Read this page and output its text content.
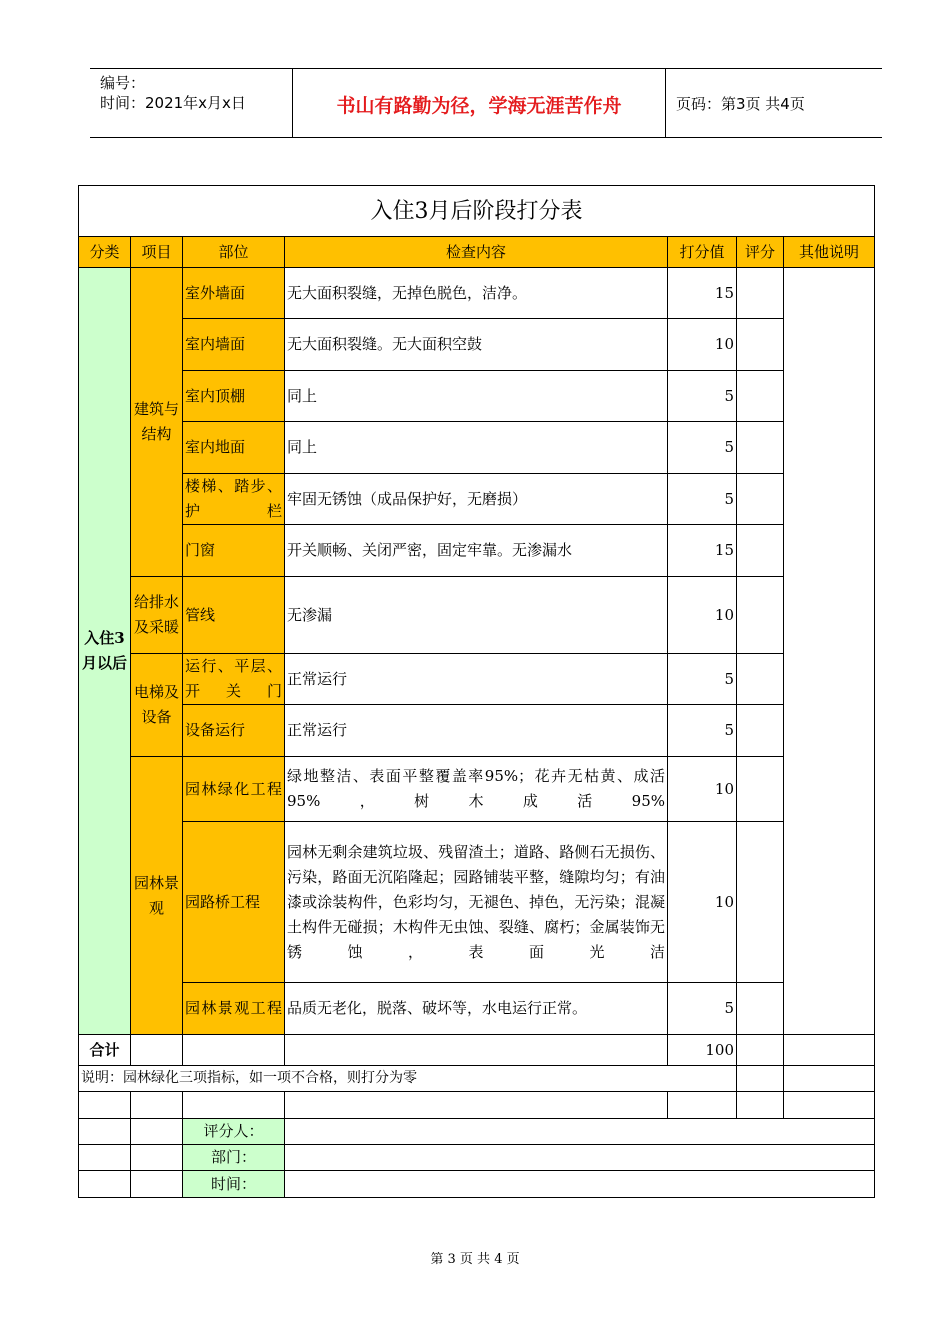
编号：
时间：2021年x月x日	书山有路勤为径，学海无涯苦作舟	页码：第3页 共4页
入住3月后阶段打分表						
分类	项目	部位	检查内容	打分值	评分	其他说明
入住3月以后	建筑与结构	室外墙面	无大面积裂缝，无掉色脱色，洁净。	15		
		室内墙面	无大面积裂缝。无大面积空鼓	10		
		室内顶棚	同上	5		
		室内地面	同上	5		
		楼梯、踏步、护栏	牢固无锈蚀（成品保护好，无磨损）	5		
		门窗	开关顺畅、关闭严密，固定牢靠。无渗漏水	15		
	给排水及采暖	管线	无渗漏	10		
	电梯及设备	运行、平层、开关门	正常运行	5		
		设备运行	正常运行	5		
	园林景观	园林绿化工程	绿地整洁、表面平整覆盖率95%；花卉无枯黄、成活95%，树木成活95%	10		
		园路桥工程	园林无剩余建筑垃圾、残留渣土；道路、路侧石无损伤、污染，路面无沉陷隆起；园路铺装平整，缝隙均匀；有油漆或涂装构件，色彩均匀，无褪色、掉色，无污染；混凝土构件无碰损；木构件无虫蚀、裂缝、腐朽；金属装饰无锈蚀，表面光洁	10		
		园林景观工程	品质无老化，脱落、破坏等，水电运行正常。	5		
合计				100		
说明：园林绿化三项指标，如一项不合格，则打分为零						

		评分人：				
		部门：				
		时间：				
第 3 页 共 4 页
